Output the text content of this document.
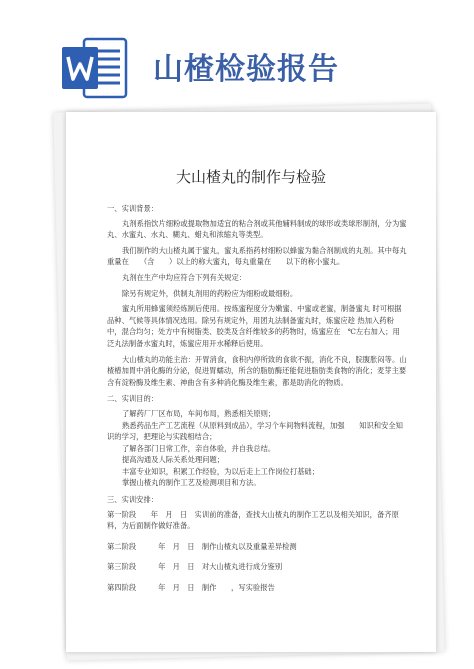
山楂检验报告
大山楂丸的制作与检验

一、实训背景：

丸剂系指饮片细粉或提取物加适宜的粘合剂或其他辅料制成的球形或类球形制剂，分为蜜丸、水蜜丸、水丸、糊丸、蜡丸和浓缩丸等类型。

我们制作的大山楂丸属于蜜丸，蜜丸系指药材细粉以蜂蜜为黏合剂制成的丸剂。其中每丸重量在　　（含　　）以上的称大蜜丸，每丸重量在　　以下的称小蜜丸。

丸剂在生产中均应符合下列有关规定：

除另有规定外，供制丸剂用的药粉应为细粉或最细粉。

蜜丸所用蜂蜜须经炼制后使用。按炼蜜程度分为嫩蜜、中蜜或老蜜，制备蜜丸 时可根据品种、气候等具体情况选用。除另有规定外，用团丸法制备蜜丸时，炼蜜应趁 热加入药粉中，混合均匀；处方中有树脂类、胶类及含纤维较多的药物时，炼蜜应在　℃左右加入；用泛丸法制备水蜜丸时，炼蜜应用开水稀释后使用。

大山楂丸的功能主治：开胃消食，食积内停所致的食欲不振，消化不良，脘腹胀闷等。山楂椿加胃中消化酶的分泌，促进胃蠕动，所含的脂肪酶还能促进脂肪类食物的消化；麦芽主要含有淀粉酶及维生素、神曲含有多种消化酶及维生素，都是助消化的物质。

二、实训目的：

了解药厂厂区布局，车间布局，熟悉相关原则；

熟悉药品生产工艺流程（从原料到成品），学习个车间物料流程，加强　　知识和安全知识的学习，把理论与实践相结合；

了解各部门日常工作，亲自体验，并自我总结。

提高沟通及人际关系处理问题；

丰富专业知识，积累工作经验，为以后走上工作岗位打基础；

掌握山楂丸的制作工艺及检测项目和方法。

三、实训安排：

第一阶段　　年　月　日　实训前的准备，查找大山楂丸的制作工艺以及相关知识，备齐原料，为后面制作做好准备。

第二阶段　　　年　月　日　制作山楂丸以及重量差异检测

第三阶段　　　年　月　日　对大山楂丸进行成分鉴别

第四阶段　　　年　月　日　制作　　，写实验报告
